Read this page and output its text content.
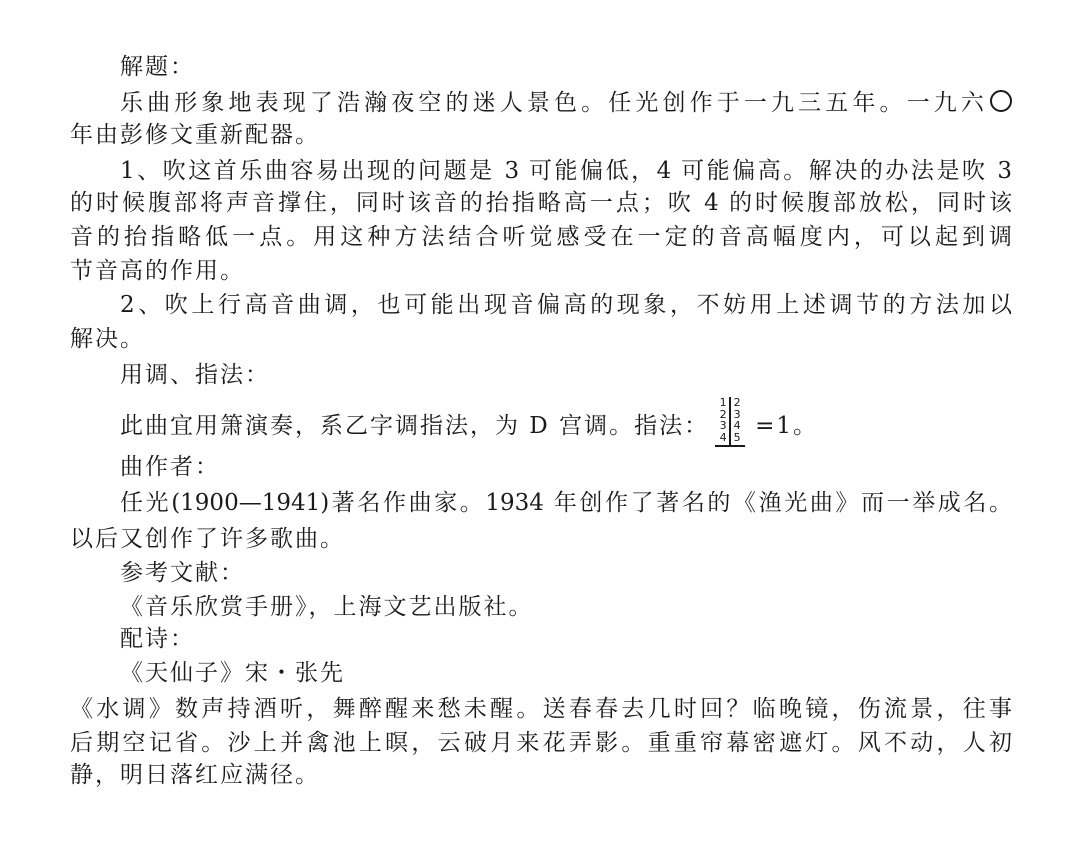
解题：
乐曲形象地表现了浩瀚夜空的迷人景色。任光创作于一九三五年。一九六
年由彭修文重新配器。
1、吹这首乐曲容易出现的问题是 3 可能偏低，4 可能偏高。解决的办法是吹 3
的时候腹部将声音撑住，同时该音的抬指略高一点；吹 4 的时候腹部放松，同时该
音的抬指略低一点。用这种方法结合听觉感受在一定的音高幅度内，可以起到调
节音高的作用。
2、吹上行高音曲调，也可能出现音偏高的现象，不妨用上述调节的方法加以
解决。
用调、指法：
此曲宜用箫演奏，系乙字调指法，为 D 宫调。指法：
1
2
3
4
2
3
4
5 =1。
曲作者：
任光(1900—1941)著名作曲家。1934 年创作了著名的《渔光曲》而一举成名。
以后又创作了许多歌曲。
参考文献：
《音乐欣赏手册》，上海文艺出版社。
配诗：
《天仙子》宋・张先
《水调》数声持酒听，舞醉醒来愁未醒。送春春去几时回？临晚镜，伤流景，往事
后期空记省。沙上并禽池上暝，云破月来花弄影。重重帘幕密遮灯。风不动，人初
静，明日落红应满径。
